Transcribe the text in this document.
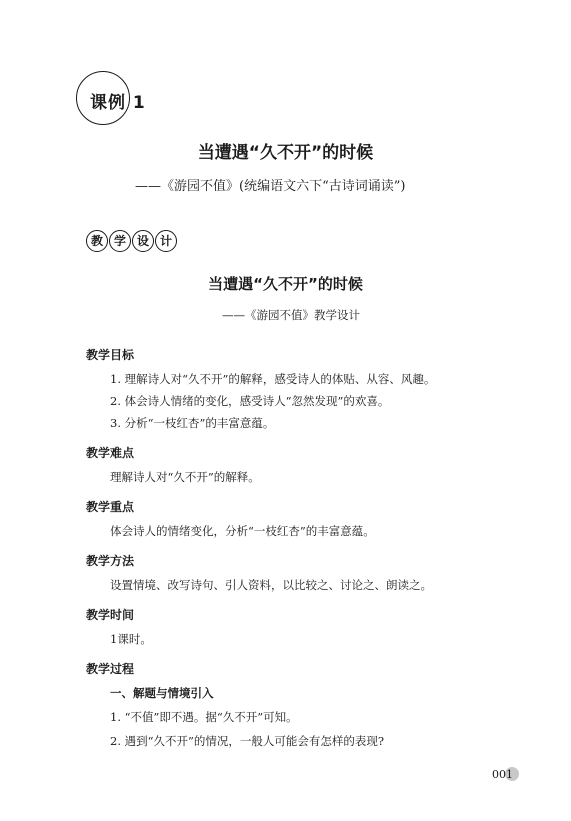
课例 1
当遭遇“久不开”的时候
——《游园不值》(统编语文六下“古诗词诵读”)
教 学 设 计
当遭遇“久不开”的时候
——《游园不值》教学设计
教学目标
1. 理解诗人对“久不开”的解释，感受诗人的体贴、从容、风趣。
2. 体会诗人情绪的变化，感受诗人“忽然发现”的欢喜。
3. 分析“一枝红杏”的丰富意蕴。
教学难点
理解诗人对“久不开”的解释。
教学重点
体会诗人的情绪变化，分析“一枝红杏”的丰富意蕴。
教学方法
设置情境、改写诗句、引人资料，以比较之、讨论之、朗读之。
教学时间
1课时。
教学过程
一、解题与情境引入
1. “不值”即不遇。据“久不开”可知。
2. 遇到“久不开”的情况，一般人可能会有怎样的表现?
001
